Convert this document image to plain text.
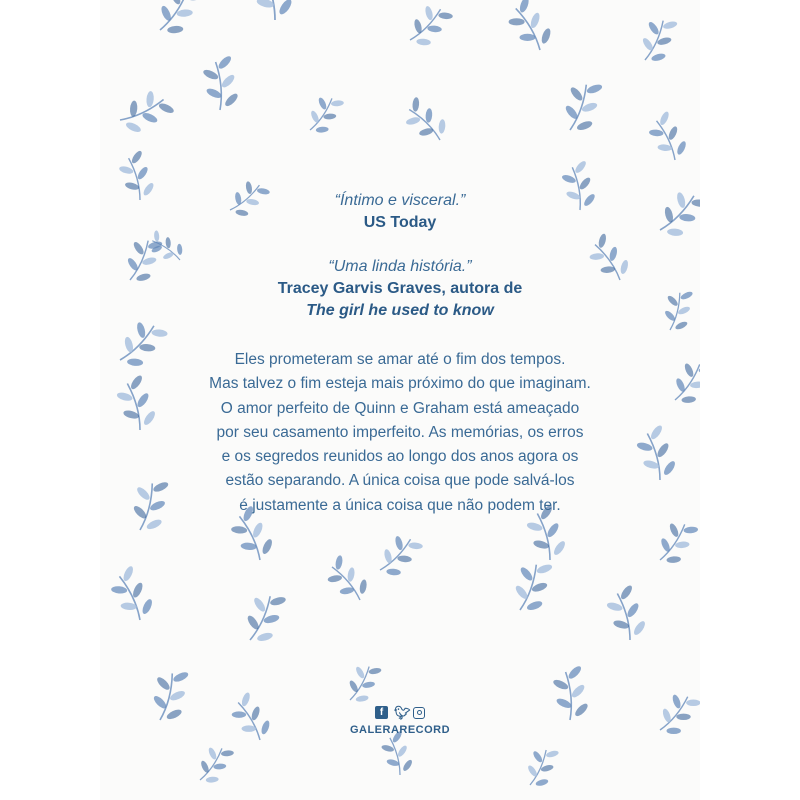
“Íntimo e visceral.”
US Today
“Uma linda história.”
Tracey Garvis Graves, autora de
The girl he used to know
Eles prometeram se amar até o fim dos tempos.
Mas talvez o fim esteja mais próximo do que imaginam.
O amor perfeito de Quinn e Graham está ameaçado
por seu casamento imperfeito. As memórias, os erros
e os segredos reunidos ao longo dos anos agora os
estão separando. A única coisa que pode salvá-los
é justamente a única coisa que não podem ter.
f 🐦︎
GALERARECORD
